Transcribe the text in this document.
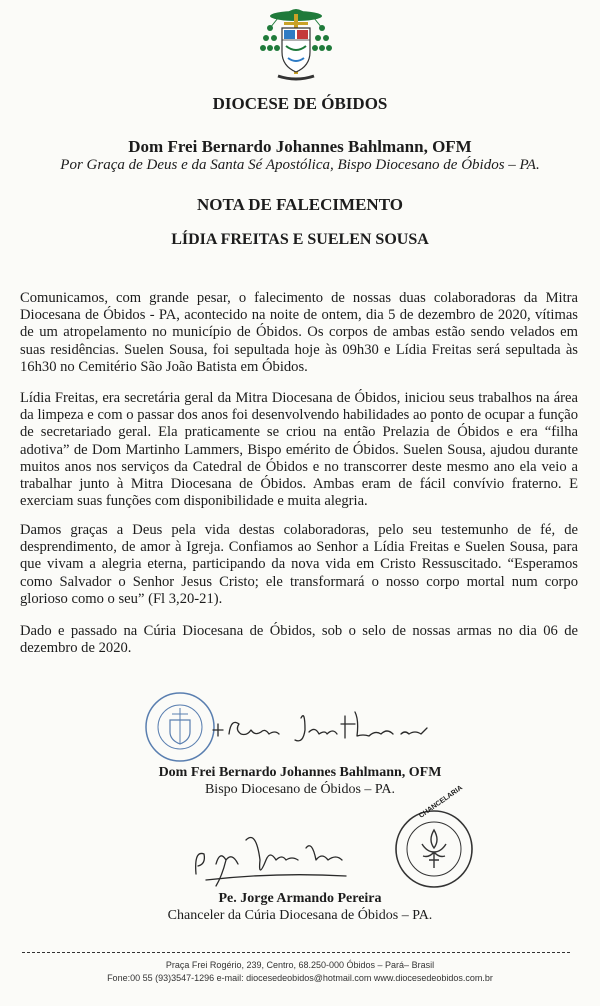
DIOCESE DE ÓBIDOS
Dom Frei Bernardo Johannes Bahlmann, OFM
Por Graça de Deus e da Santa Sé Apostólica, Bispo Diocesano de Óbidos – PA.
NOTA DE FALECIMENTO
LÍDIA FREITAS E SUELEN SOUSA
Comunicamos, com grande pesar, o falecimento de nossas duas colaboradoras da Mitra Diocesana de Óbidos - PA, acontecido na noite de ontem, dia 5 de dezembro de 2020, vítimas de um atropelamento no município de Óbidos. Os corpos de ambas estão sendo velados em suas residências. Suelen Sousa, foi sepultada hoje às 09h30 e Lídia Freitas será sepultada às 16h30 no Cemitério São João Batista em Óbidos.
Lídia Freitas, era secretária geral da Mitra Diocesana de Óbidos, iniciou seus trabalhos na área da limpeza e com o passar dos anos foi desenvolvendo habilidades ao ponto de ocupar a função de secretariado geral. Ela praticamente se criou na então Prelazia de Óbidos e era “filha adotiva” de Dom Martinho Lammers, Bispo emérito de Óbidos. Suelen Sousa, ajudou durante muitos anos nos serviços da Catedral de Óbidos e no transcorrer deste mesmo ano ela veio a trabalhar junto à Mitra Diocesana de Óbidos. Ambas eram de fácil convívio fraterno. E exerciam suas funções com disponibilidade e muita alegria.
Damos graças a Deus pela vida destas colaboradoras, pelo seu testemunho de fé, de desprendimento, de amor à Igreja. Confiamos ao Senhor a Lídia Freitas e Suelen Sousa, para que vivam a alegria eterna, participando da nova vida em Cristo Ressuscitado. “Esperamos como Salvador o Senhor Jesus Cristo; ele transformará o nosso corpo mortal num corpo glorioso como o seu” (Fl 3,20-21).
Dado e passado na Cúria Diocesana de Óbidos, sob o selo de nossas armas no dia 06 de dezembro de 2020.
Dom Frei Bernardo Johannes Bahlmann, OFM
Bispo Diocesano de Óbidos – PA.	CHANCELARIA
Pe. Jorge Armando Pereira
Chanceler da Cúria Diocesana de Óbidos – PA.
Praça Frei Rogério, 239, Centro, 68.250-000 Óbidos – Pará– Brasil
Fone:00 55 (93)3547-1296 e-mail: diocesedeobidos@hotmail.com www.diocesedeobidos.com.br
